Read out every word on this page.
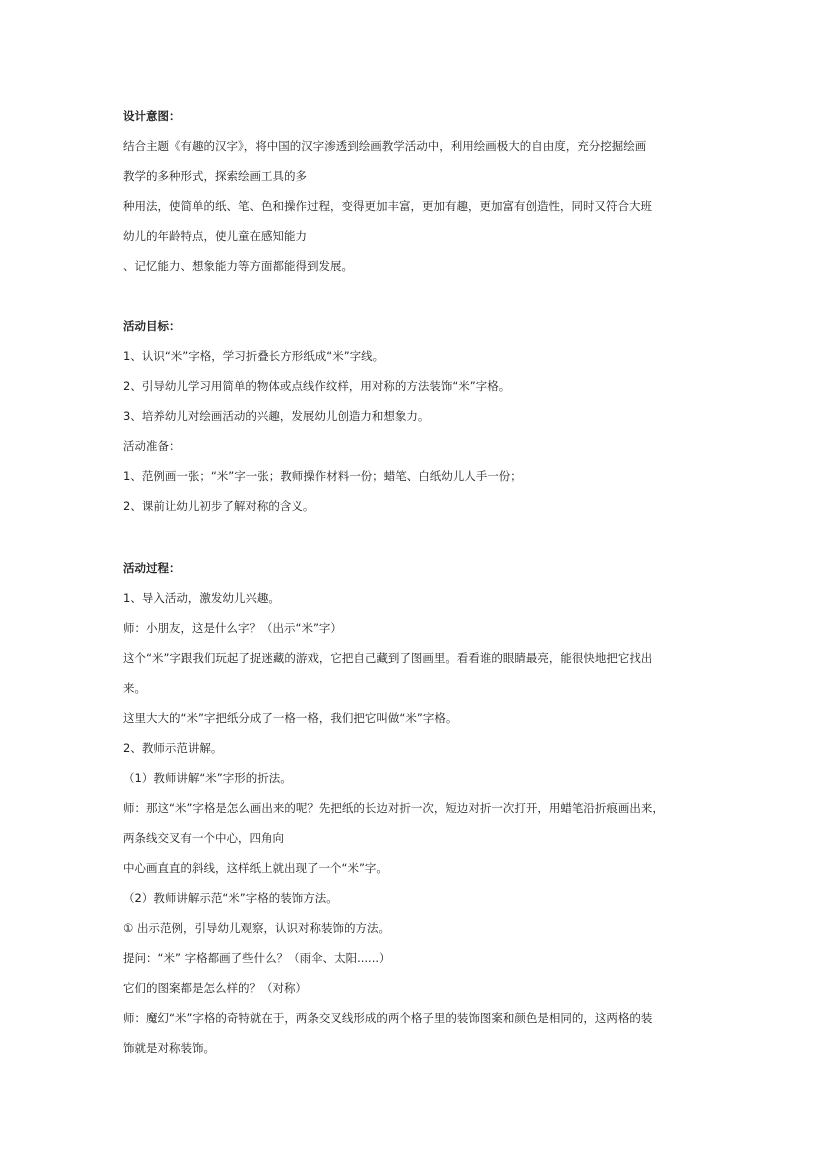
设计意图：
结合主题《有趣的汉字》，将中国的汉字渗透到绘画教学活动中，利用绘画极大的自由度，充分挖掘绘画
教学的多种形式，探索绘画工具的多
种用法，使简单的纸、笔、色和操作过程，变得更加丰富，更加有趣，更加富有创造性，同时又符合大班
幼儿的年龄特点，使儿童在感知能力
、记忆能力、想象能力等方面都能得到发展。
活动目标：
1、认识“米”字格，学习折叠长方形纸成“米”字线。
2、引导幼儿学习用简单的物体或点线作纹样，用对称的方法装饰“米”字格。
3、培养幼儿对绘画活动的兴趣，发展幼儿创造力和想象力。
活动准备：
1、范例画一张；“米”字一张；教师操作材料一份；蜡笔、白纸幼儿人手一份；
2、课前让幼儿初步了解对称的含义。
活动过程：
1、导入活动，激发幼儿兴趣。
师：小朋友，这是什么字？（出示“米”字）
这个“米”字跟我们玩起了捉迷藏的游戏，它把自己藏到了图画里。看看谁的眼睛最亮，能很快地把它找出
来。
这里大大的“米”字把纸分成了一格一格，我们把它叫做“米”字格。
2、教师示范讲解。
（1）教师讲解“米”字形的折法。
师：那这“米”字格是怎么画出来的呢？先把纸的长边对折一次，短边对折一次打开，用蜡笔沿折痕画出来，
两条线交叉有一个中心，四角向
中心画直直的斜线，这样纸上就出现了一个“米”字。
（2）教师讲解示范“米”字格的装饰方法。
① 出示范例，引导幼儿观察，认识对称装饰的方法。
提问：“米” 字格都画了些什么？（雨伞、太阳......）
它们的图案都是怎么样的？（对称）
师：魔幻“米”字格的奇特就在于，两条交叉线形成的两个格子里的装饰图案和颜色是相同的，这两格的装
饰就是对称装饰。
